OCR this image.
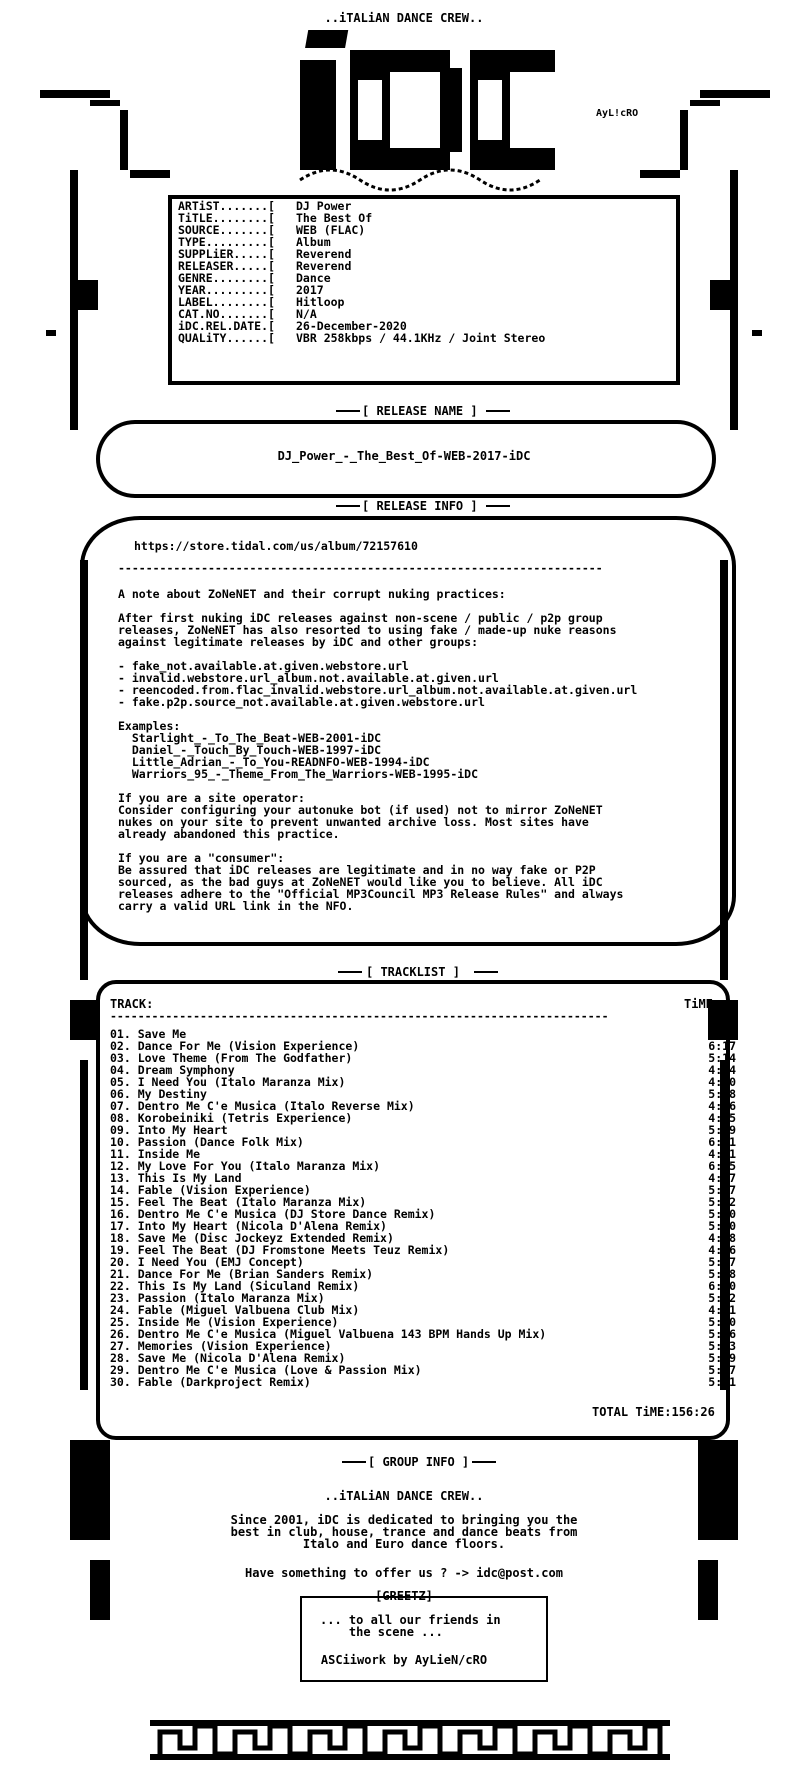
..iTALiAN DANCE CREW..
AyL!cRO
ARTiST.......[	DJ Power
TiTLE........[	The Best Of
SOURCE.......[	WEB (FLAC)
TYPE.........[	Album
SUPPLiER.....[	Reverend
RELEASER.....[	Reverend
GENRE........[	Dance
YEAR.........[	2017
LABEL........[	Hitloop
CAT.NO.......[	N/A
iDC.REL.DATE.[	26-December-2020
QUALiTY......[	VBR 258kbps / 44.1KHz / Joint Stereo
[ RELEASE NAME ]
DJ_Power_-_The_Best_Of-WEB-2017-iDC
[ RELEASE INFO ]
https://store.tidal.com/us/album/72157610
----------------------------------------------------------------------
A note about ZoNeNET and their corrupt nuking practices:
After first nuking iDC releases against non-scene / public / p2p group
releases, ZoNeNET has also resorted to using fake / made-up nuke reasons
against legitimate releases by iDC and other groups:
- fake_not.available.at.given.webstore.url
- invalid.webstore.url_album.not.available.at.given.url
- reencoded.from.flac_invalid.webstore.url_album.not.available.at.given.url
- fake.p2p.source_not.available.at.given.webstore.url
Examples:
Starlight_-_To_The_Beat-WEB-2001-iDC
Daniel_-_Touch_By_Touch-WEB-1997-iDC
Little_Adrian_-_To_You-READNFO-WEB-1994-iDC
Warriors_95_-_Theme_From_The_Warriors-WEB-1995-iDC
If you are a site operator:
Consider configuring your autonuke bot (if used) not to mirror ZoNeNET
nukes on your site to prevent unwanted archive loss. Most sites have
already abandoned this practice.
If you are a "consumer":
Be assured that iDC releases are legitimate and in no way fake or P2P
sourced, as the bad guys at ZoNeNET would like you to believe. All iDC
releases adhere to the "Official MP3Council MP3 Release Rules" and always
carry a valid URL link in the NFO.
[ TRACKLIST ]
TRACK:	TiME:
------------------------------------------------------------------------
01. Save Me	5:02
02. Dance For Me (Vision Experience)	6:17
03. Love Theme (From The Godfather)	5:14
04. Dream Symphony	4:04
05. I Need You (Italo Maranza Mix)	4:50
06. My Destiny	5:28
07. Dentro Me C'e Musica (Italo Reverse Mix)	4:26
08. Korobeiniki (Tetris Experience)	4:35
09. Into My Heart	5:19
10. Passion (Dance Folk Mix)	6:01
11. Inside Me	4:31
12. My Love For You (Italo Maranza Mix)	6:15
13. This Is My Land	4:37
14. Fable (Vision Experience)	5:07
15. Feel The Beat (Italo Maranza Mix)	5:12
16. Dentro Me C'e Musica (DJ Store Dance Remix)	5:10
17. Into My Heart (Nicola D'Alena Remix)	5:50
18. Save Me (Disc Jockeyz Extended Remix)	4:48
19. Feel The Beat (DJ Fromstone Meets Teuz Remix)	4:46
20. I Need You (EMJ Concept)	5:07
21. Dance For Me (Brian Sanders Remix)	5:18
22. This Is My Land (Siculand Remix)	6:20
23. Passion (Italo Maranza Mix)	5:12
24. Fable (Miguel Valbuena Club Mix)	4:51
25. Inside Me (Vision Experience)	5:30
26. Dentro Me C'e Musica (Miguel Valbuena 143 BPM Hands Up Mix)	5:16
27. Memories (Vision Experience)	5:03
28. Save Me (Nicola D'Alena Remix)	5:39
29. Dentro Me C'e Musica (Love & Passion Mix)	5:17
30. Fable (Darkproject Remix)	5:21
TOTAL TiME:156:26
[ GROUP INFO ]
..iTALiAN DANCE CREW..
Since 2001, iDC is dedicated to bringing you the
best in club, house, trance and dance beats from
Italo and Euro dance floors.
Have something to offer us ? -> idc@post.com
[GREETZ]
... to all our friends in
the scene ...
ASCiiwork by AyLieN/cRO
